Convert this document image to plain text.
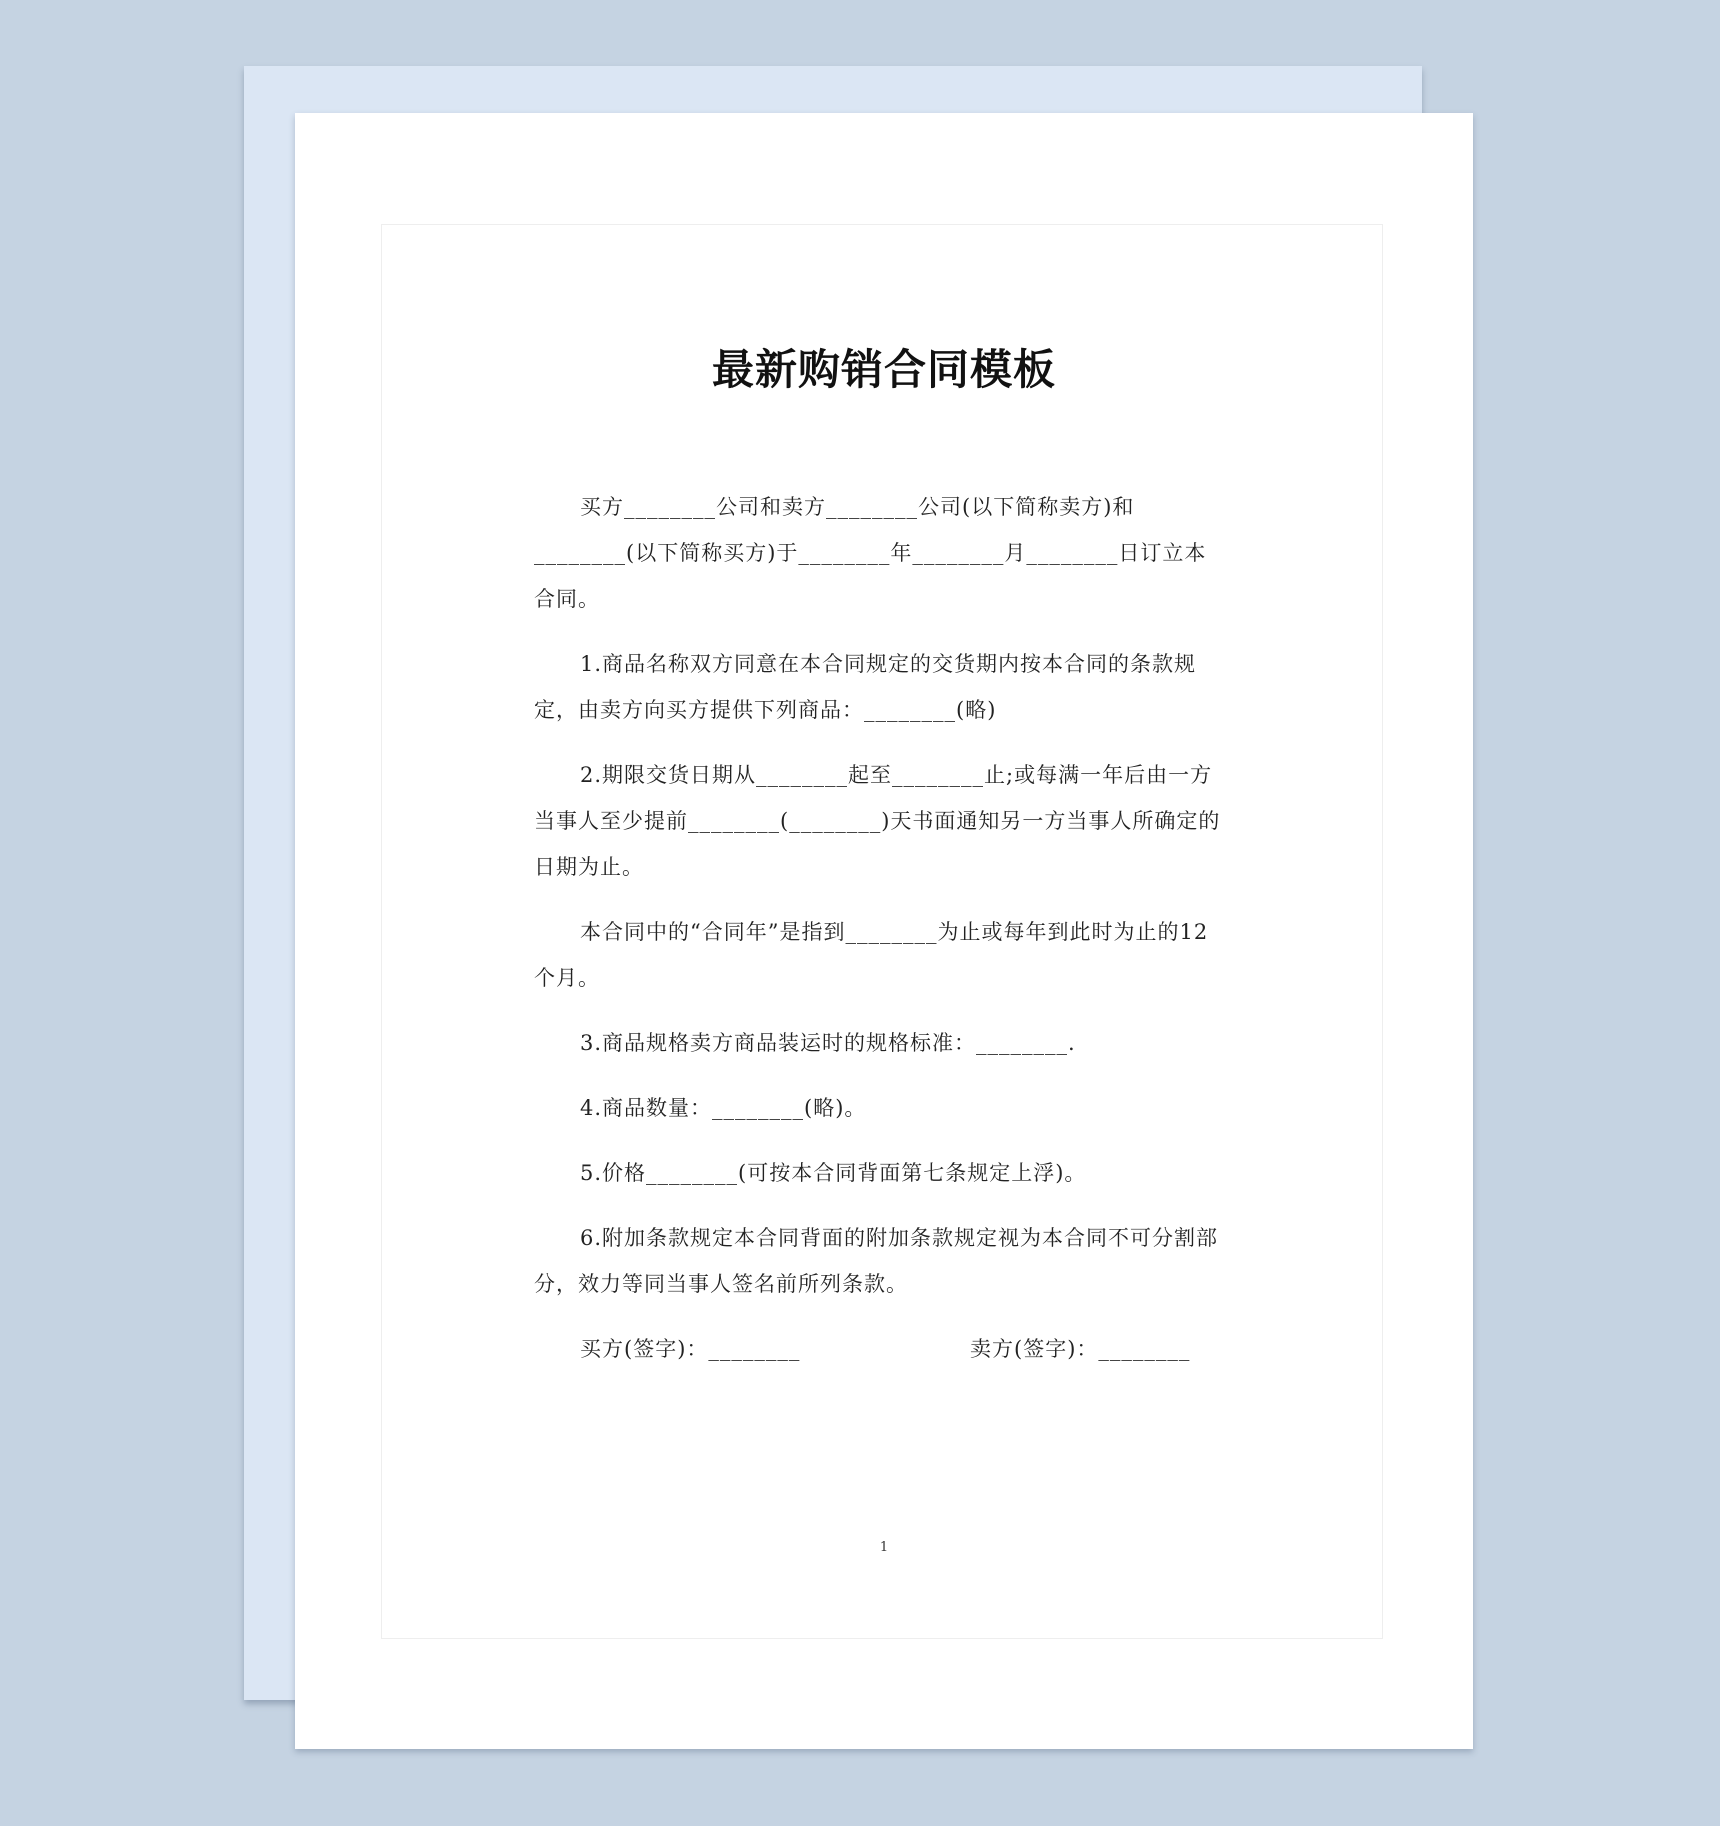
最新购销合同模板

买方________公司和卖方________公司(以下简称卖方)和________(以下简称买方)于________年________月________日订立本合同。

1.商品名称双方同意在本合同规定的交货期内按本合同的条款规定，由卖方向买方提供下列商品：________(略)

2.期限交货日期从________起至________止;或每满一年后由一方当事人至少提前________(________)天书面通知另一方当事人所确定的日期为止。

本合同中的“合同年”是指到________为止或每年到此时为止的12个月。

3.商品规格卖方商品装运时的规格标准：________.

4.商品数量：________(略)。

5.价格________(可按本合同背面第七条规定上浮)。

6.附加条款规定本合同背面的附加条款规定视为本合同不可分割部分，效力等同当事人签名前所列条款。

买方(签字)：________	卖方(签字)：________
1
